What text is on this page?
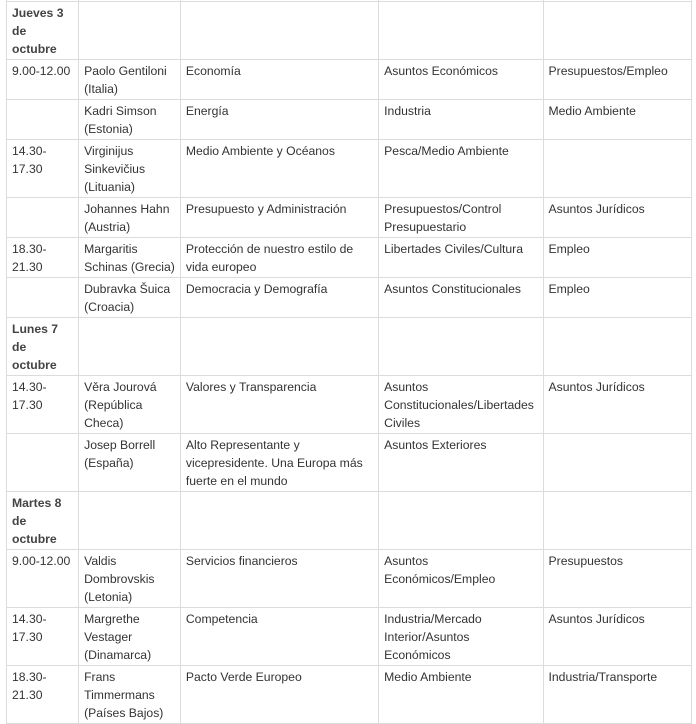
Jueves 3 de octubre				
9.00-12.00	Paolo Gentiloni (Italia)	Economía	Asuntos Económicos	Presupuestos/Empleo
	Kadri Simson (Estonia)	Energía	Industria	Medio Ambiente
14.30-17.30	Virginijus Sinkevičius (Lituania)	Medio Ambiente y Océanos	Pesca/Medio Ambiente	
	Johannes Hahn (Austria)	Presupuesto y Administración	Presupuestos/Control Presupuestario	Asuntos Jurídicos
18.30-21.30	Margaritis Schinas (Grecia)	Protección de nuestro estilo de vida europeo	Libertades Civiles/Cultura	Empleo
	Dubravka Šuica (Croacia)	Democracia y Demografía	Asuntos Constitucionales	Empleo
Lunes 7 de octubre				
14.30-17.30	Věra Jourová (República Checa)	Valores y Transparencia	Asuntos Constitucionales/Libertades Civiles	Asuntos Jurídicos
	Josep Borrell (España)	Alto Representante y vicepresidente. Una Europa más fuerte en el mundo	Asuntos Exteriores	
Martes 8 de octubre				
9.00-12.00	Valdis Dombrovskis (Letonia)	Servicios financieros	Asuntos Económicos/Empleo	Presupuestos
14.30-17.30	Margrethe Vestager (Dinamarca)	Competencia	Industria/Mercado Interior/Asuntos Económicos	Asuntos Jurídicos
18.30-21.30	Frans Timmermans (Países Bajos)	Pacto Verde Europeo	Medio Ambiente	Industria/Transporte
